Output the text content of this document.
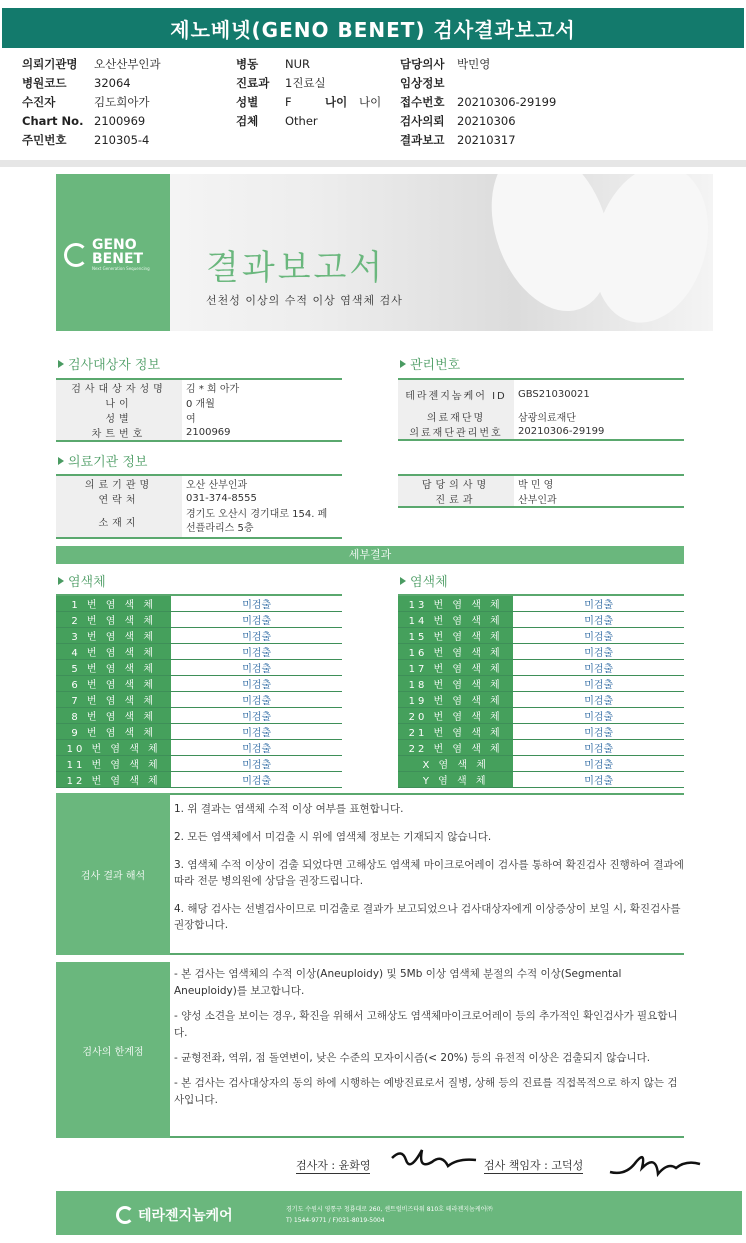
제노베넷(GENO BENET) 검사결과보고서
의뢰기관명	오산산부인과
병원코드	32064
수진자	김도희아가
Chart No. 2100969
주민번호	210305-4
병동	NUR
진료과	1진료실
성별	F	나이	나이
검체	Other
담당의사	박민영
임상정보
접수번호	20210306-29199
검사의뢰	20210306
결과보고	20210317
GENO
BENET
Next Generation Sequencing 결과보고서
선천성 이상의 수적 이상 염색체 검사
검사대상자 정보
검사대상자성명	김 * 희 아가
나이	0 개월
성별	여
차트번호	2100969
관리번호
테라젠지놈케어 ID	GBS21030021
의료재단명	삼광의료재단
의료재단관리번호	20210306-29199
의료기관 정보
의료기관명	오산 산부인과
연락처	031-374-8555
소재지	경기도 오산시 경기대로 154. 페 선플라리스 5층
담당의사명	박 민 영
진료과	산부인과
세부결과
염색체
1 번 염 색 체	미검출
2 번 염 색 체	미검출
3 번 염 색 체	미검출
4 번 염 색 체	미검출
5 번 염 색 체	미검출
6 번 염 색 체	미검출
7 번 염 색 체	미검출
8 번 염 색 체	미검출
9 번 염 색 체	미검출
10 번 염 색 체	미검출
11 번 염 색 체	미검출
12 번 염 색 체	미검출
염색체
13 번 염 색 체	미검출
14 번 염 색 체	미검출
15 번 염 색 체	미검출
16 번 염 색 체	미검출
17 번 염 색 체	미검출
18 번 염 색 체	미검출
19 번 염 색 체	미검출
20 번 염 색 체	미검출
21 번 염 색 체	미검출
22 번 염 색 체	미검출
X 염 색 체	미검출
Y 염 색 체	미검출
검사 결과 해석

1. 위 결과는 염색체 수적 이상 여부를 표현합니다.

2. 모든 염색체에서 미검출 시 위에 염색체 정보는 기재되지 않습니다.

3. 염색체 수적 이상이 검출 되었다면 고해상도 염색체 마이크로어레이 검사를 통하여 확진검사 진행하여 결과에 따라 전문 병의원에 상담을 권장드립니다.

4. 해당 검사는 선별검사이므로 미검출로 결과가 보고되었으나 검사대상자에게 이상증상이 보일 시, 확진검사를 권장합니다.

검사의 한계점

- 본 검사는 염색체의 수적 이상(Aneuploidy) 및 5Mb 이상 염색체 분절의 수적 이상(Segmental Aneuploidy)를 보고합니다.

- 양성 소견을 보이는 경우, 확진을 위해서 고해상도 염색체마이크로어레이 등의 추가적인 확인검사가 필요합니다.

- 균형전좌, 역위, 점 돌연변이, 낮은 수준의 모자이시즘(< 20%) 등의 유전적 이상은 검출되지 않습니다.

- 본 검사는 검사대상자의 동의 하에 시행하는 예방진료로서 질병, 상해 등의 진료를 직접목적으로 하지 않는 검사입니다.

검사자 : 윤화영	검사 책임자 : 고덕성
테라젠지놈케어	경기도 수원시 영통구 청룡대로 260, 센트럴비즈타워 810호 테라젠지놈케어㈜
T) 1544-9771 / F)031-8019-5004
